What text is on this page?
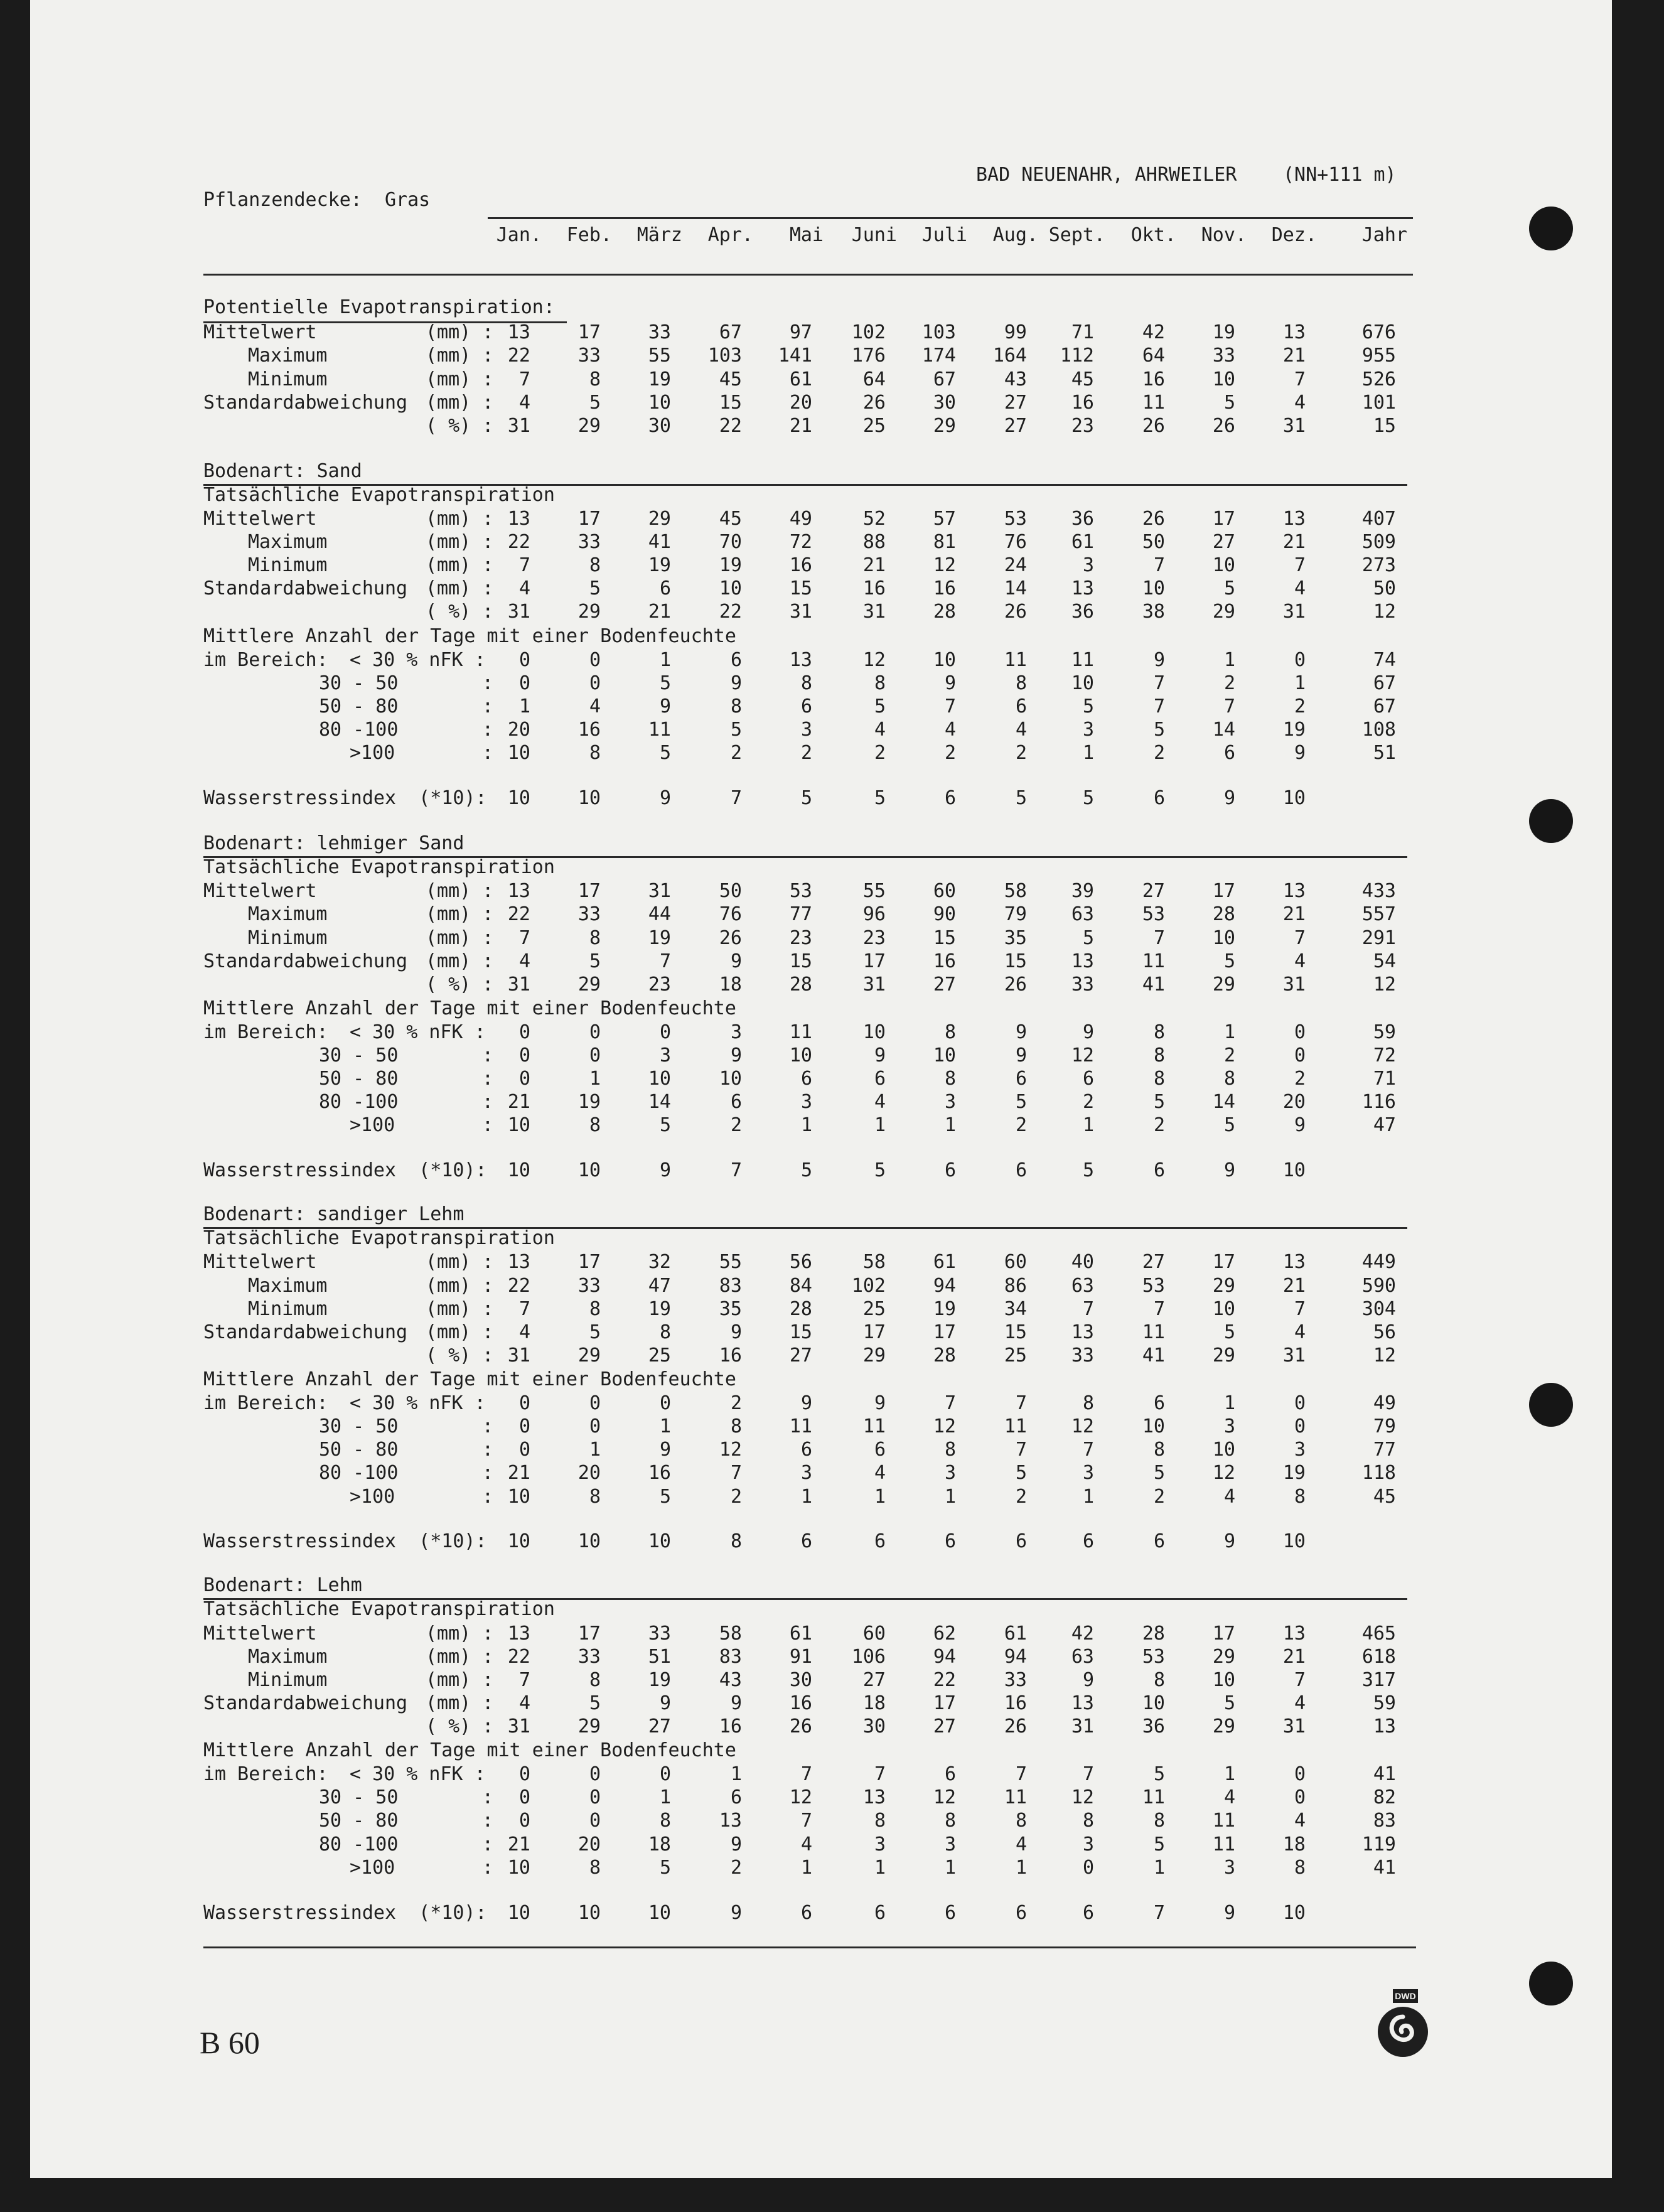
BAD NEUENAHR, AHRWEILER (NN+111 m)
Pflanzendecke:  Gras
Jan.	Feb.	März	Apr.	Mai	Juni	Juli	Aug. Sept.	Okt.	Nov.	Dez.	Jahr
Potentielle Evapotranspiration:
Mittelwert	(mm) : 13	17	33	67	97	102	103	99	71	42	19	13	676
Maximum	(mm) : 22	33	55	103	141	176	174	164	112	64	33	21	955
Minimum	(mm) :	7	8	19	45	61	64	67	43	45	16	10	7	526
Standardabweichung (mm) :	4	5	10	15	20	26	30	27	16	11	5	4	101
( %) : 31	29	30	22	21	25	29	27	23	26	26	31	15
Bodenart: Sand
Tatsächliche Evapotranspiration
Mittelwert	(mm) : 13	17	29	45	49	52	57	53	36	26	17	13	407
Maximum	(mm) : 22	33	41	70	72	88	81	76	61	50	27	21	509
Minimum	(mm) :	7	8	19	19	16	21	12	24	3	7	10	7	273
Standardabweichung (mm) :	4	5	6	10	15	16	16	14	13	10	5	4	50
( %) : 31	29	21	22	31	31	28	26	36	38	29	31	12
Mittlere Anzahl der Tage mit einer Bodenfeuchte
im Bereich: < 30 % nFK :	0	0	1	6	13	12	10	11	11	9	1	0	74
30 - 50	:	0	0	5	9	8	8	9	8	10	7	2	1	67
50 - 80	:	1	4	9	8	6	5	7	6	5	7	7	2	67
80 -100	: 20	16	11	5	3	4	4	4	3	5	14	19	108
>100	: 10	8	5	2	2	2	2	2	1	2	6	9	51
Wasserstressindex  (*10):	10	10	9	7	5	5	6	5	5	6	9	10
Bodenart: lehmiger Sand
Tatsächliche Evapotranspiration
Mittelwert	(mm) : 13	17	31	50	53	55	60	58	39	27	17	13	433
Maximum	(mm) : 22	33	44	76	77	96	90	79	63	53	28	21	557
Minimum	(mm) :	7	8	19	26	23	23	15	35	5	7	10	7	291
Standardabweichung (mm) :	4	5	7	9	15	17	16	15	13	11	5	4	54
( %) : 31	29	23	18	28	31	27	26	33	41	29	31	12
Mittlere Anzahl der Tage mit einer Bodenfeuchte
im Bereich: < 30 % nFK :	0	0	0	3	11	10	8	9	9	8	1	0	59
30 - 50	:	0	0	3	9	10	9	10	9	12	8	2	0	72
50 - 80	:	0	1	10	10	6	6	8	6	6	8	8	2	71
80 -100	: 21	19	14	6	3	4	3	5	2	5	14	20	116
>100	: 10	8	5	2	1	1	1	2	1	2	5	9	47
Wasserstressindex  (*10):	10	10	9	7	5	5	6	6	5	6	9	10
Bodenart: sandiger Lehm
Tatsächliche Evapotranspiration
Mittelwert	(mm) : 13	17	32	55	56	58	61	60	40	27	17	13	449
Maximum	(mm) : 22	33	47	83	84	102	94	86	63	53	29	21	590
Minimum	(mm) :	7	8	19	35	28	25	19	34	7	7	10	7	304
Standardabweichung (mm) :	4	5	8	9	15	17	17	15	13	11	5	4	56
( %) : 31	29	25	16	27	29	28	25	33	41	29	31	12
Mittlere Anzahl der Tage mit einer Bodenfeuchte
im Bereich: < 30 % nFK :	0	0	0	2	9	9	7	7	8	6	1	0	49
30 - 50	:	0	0	1	8	11	11	12	11	12	10	3	0	79
50 - 80	:	0	1	9	12	6	6	8	7	7	8	10	3	77
80 -100	: 21	20	16	7	3	4	3	5	3	5	12	19	118
>100	: 10	8	5	2	1	1	1	2	1	2	4	8	45
Wasserstressindex  (*10):	10	10	10	8	6	6	6	6	6	6	9	10
Bodenart: Lehm
Tatsächliche Evapotranspiration
Mittelwert	(mm) : 13	17	33	58	61	60	62	61	42	28	17	13	465
Maximum	(mm) : 22	33	51	83	91	106	94	94	63	53	29	21	618
Minimum	(mm) :	7	8	19	43	30	27	22	33	9	8	10	7	317
Standardabweichung (mm) :	4	5	9	9	16	18	17	16	13	10	5	4	59
( %) : 31	29	27	16	26	30	27	26	31	36	29	31	13
Mittlere Anzahl der Tage mit einer Bodenfeuchte
im Bereich: < 30 % nFK :	0	0	0	1	7	7	6	7	7	5	1	0	41
30 - 50	:	0	0	1	6	12	13	12	11	12	11	4	0	82
50 - 80	:	0	0	8	13	7	8	8	8	8	8	11	4	83
80 -100	: 21	20	18	9	4	3	3	4	3	5	11	18	119
>100	: 10	8	5	2	1	1	1	1	0	1	3	8	41
Wasserstressindex  (*10):	10	10	10	9	6	6	6	6	6	7	9	10
B 60
DWD
